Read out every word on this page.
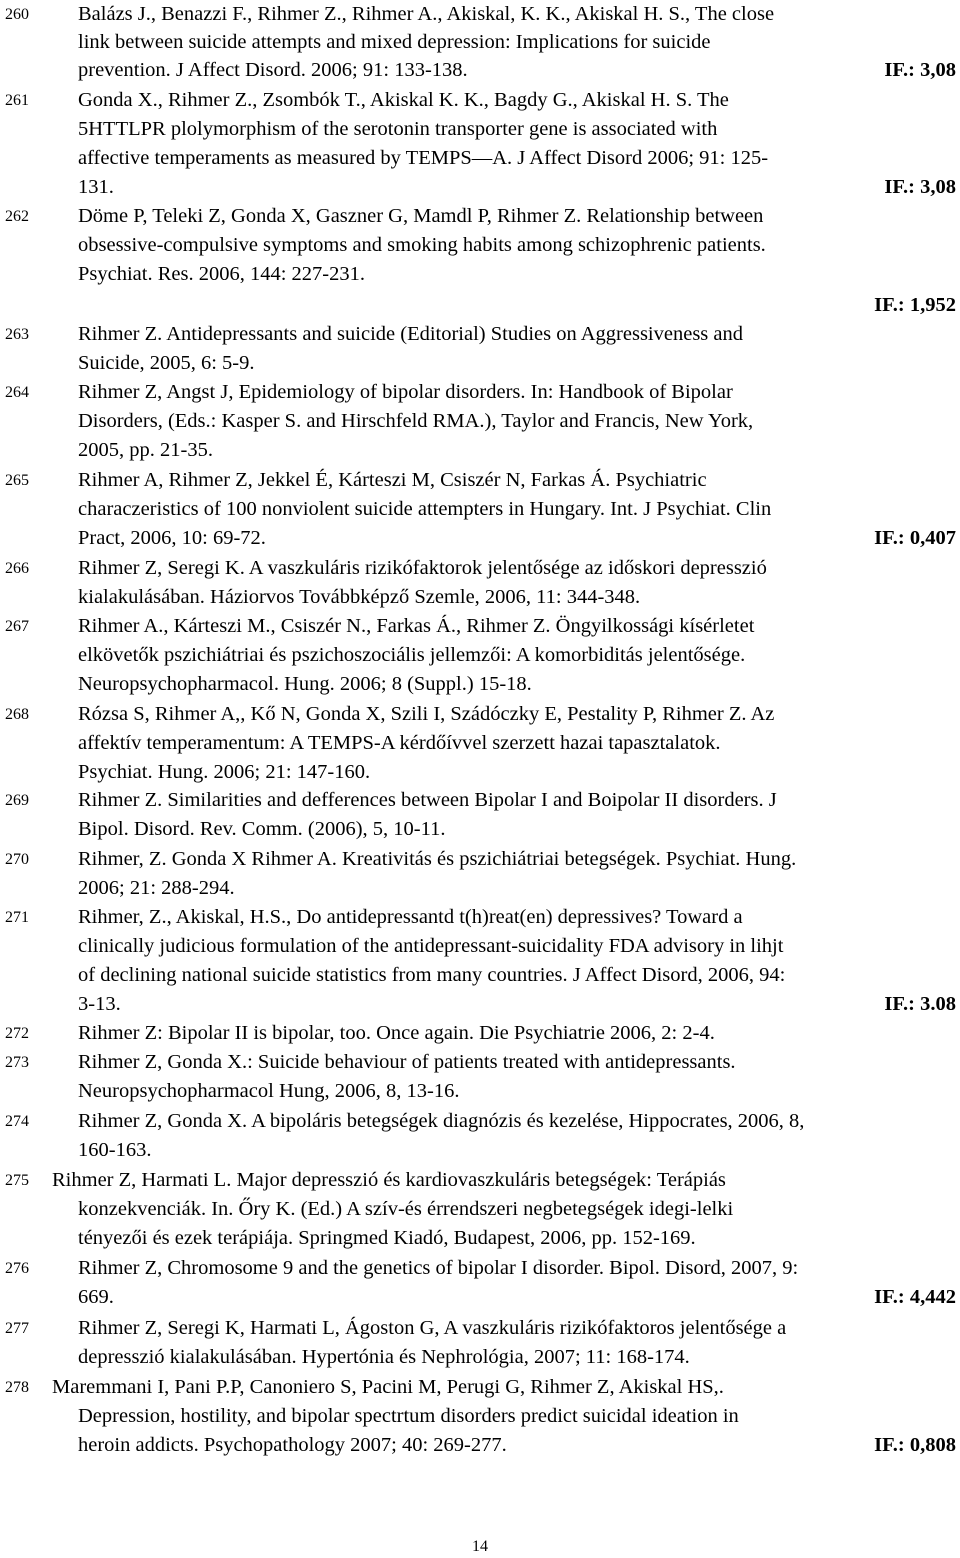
260 Balázs J., Benazzi F., Rihmer Z., Rihmer A., Akiskal, K. K., Akiskal H. S., The close
link between suicide attempts and mixed depression: Implications for suicide
prevention. J Affect Disord. 2006; 91: 133-138.	IF.: 3,08
261 Gonda X., Rihmer Z., Zsombók T., Akiskal K. K., Bagdy G., Akiskal H. S. The
5HTTLPR plolymorphism of the serotonin transporter gene is associated with
affective temperaments as measured by TEMPS—A. J Affect Disord 2006; 91: 125-
131.	IF.: 3,08
262 Döme P, Teleki Z, Gonda X, Gaszner G, Mamdl P, Rihmer Z. Relationship between
obsessive-compulsive symptoms and smoking habits among schizophrenic patients.
Psychiat. Res. 2006, 144: 227-231.
IF.: 1,952
263 Rihmer Z. Antidepressants and suicide (Editorial) Studies on Aggressiveness and
Suicide, 2005, 6: 5-9.
264 Rihmer Z, Angst J, Epidemiology of bipolar disorders. In: Handbook of Bipolar
Disorders, (Eds.: Kasper S. and Hirschfeld RMA.), Taylor and Francis, New York,
2005, pp. 21-35.
265 Rihmer A, Rihmer Z, Jekkel É, Kárteszi M, Csiszér N, Farkas Á. Psychiatric
characzeristics of 100 nonviolent suicide attempters in Hungary. Int. J Psychiat. Clin
Pract, 2006, 10: 69-72.	IF.: 0,407
266 Rihmer Z, Seregi K. A vaszkuláris rizikófaktorok jelentősége az időskori depresszió
kialakulásában. Háziorvos Továbbképző Szemle, 2006, 11: 344-348.
267 Rihmer A., Kárteszi M., Csiszér N., Farkas Á., Rihmer Z. Öngyilkossági kísérletet
elkövetők pszichiátriai és pszichoszociális jellemzői: A komorbiditás jelentősége.
Neuropsychopharmacol. Hung. 2006; 8 (Suppl.) 15-18.
268 Rózsa S, Rihmer A,, Kő N, Gonda X, Szili I, Szádóczky E, Pestality P, Rihmer Z. Az
affektív temperamentum: A TEMPS-A kérdőívvel szerzett hazai tapasztalatok.
Psychiat. Hung. 2006; 21: 147-160.
269 Rihmer Z. Similarities and defferences between Bipolar I and Boipolar II disorders. J
Bipol. Disord. Rev. Comm. (2006), 5, 10-11.
270 Rihmer, Z. Gonda X Rihmer A. Kreativitás és pszichiátriai betegségek. Psychiat. Hung.
2006; 21: 288-294.
271 Rihmer, Z., Akiskal, H.S., Do antidepressantd t(h)reat(en) depressives? Toward a
clinically judicious formulation of the antidepressant-suicidality FDA advisory in lihjt
of declining national suicide statistics from many countries. J Affect Disord, 2006, 94:
3-13.	IF.: 3.08
272 Rihmer Z: Bipolar II is bipolar, too. Once again. Die Psychiatrie 2006, 2: 2-4.
273 Rihmer Z, Gonda X.: Suicide behaviour of patients treated with antidepressants.
Neuropsychopharmacol Hung, 2006, 8, 13-16.
274 Rihmer Z, Gonda X. A bipoláris betegségek diagnózis és kezelése, Hippocrates, 2006, 8,
160-163.
275 Rihmer Z, Harmati L. Major depresszió és kardiovaszkuláris betegségek: Terápiás
konzekvenciák. In. Őry K. (Ed.) A szív-és érrendszeri negbetegségek idegi-lelki
tényezői és ezek terápiája. Springmed Kiadó, Budapest, 2006, pp. 152-169.
276 Rihmer Z, Chromosome 9 and the genetics of bipolar I disorder. Bipol. Disord, 2007, 9:
669.	IF.: 4,442
277 Rihmer Z, Seregi K, Harmati L, Ágoston G, A vaszkuláris rizikófaktoros jelentősége a
depresszió kialakulásában. Hypertónia és Nephrológia, 2007; 11: 168-174.
278 Maremmani I, Pani P.P, Canoniero S, Pacini M, Perugi G, Rihmer Z, Akiskal HS,.
Depression, hostility, and bipolar spectrtum disorders predict suicidal ideation in
heroin addicts. Psychopathology 2007; 40: 269-277.	IF.: 0,808
14
